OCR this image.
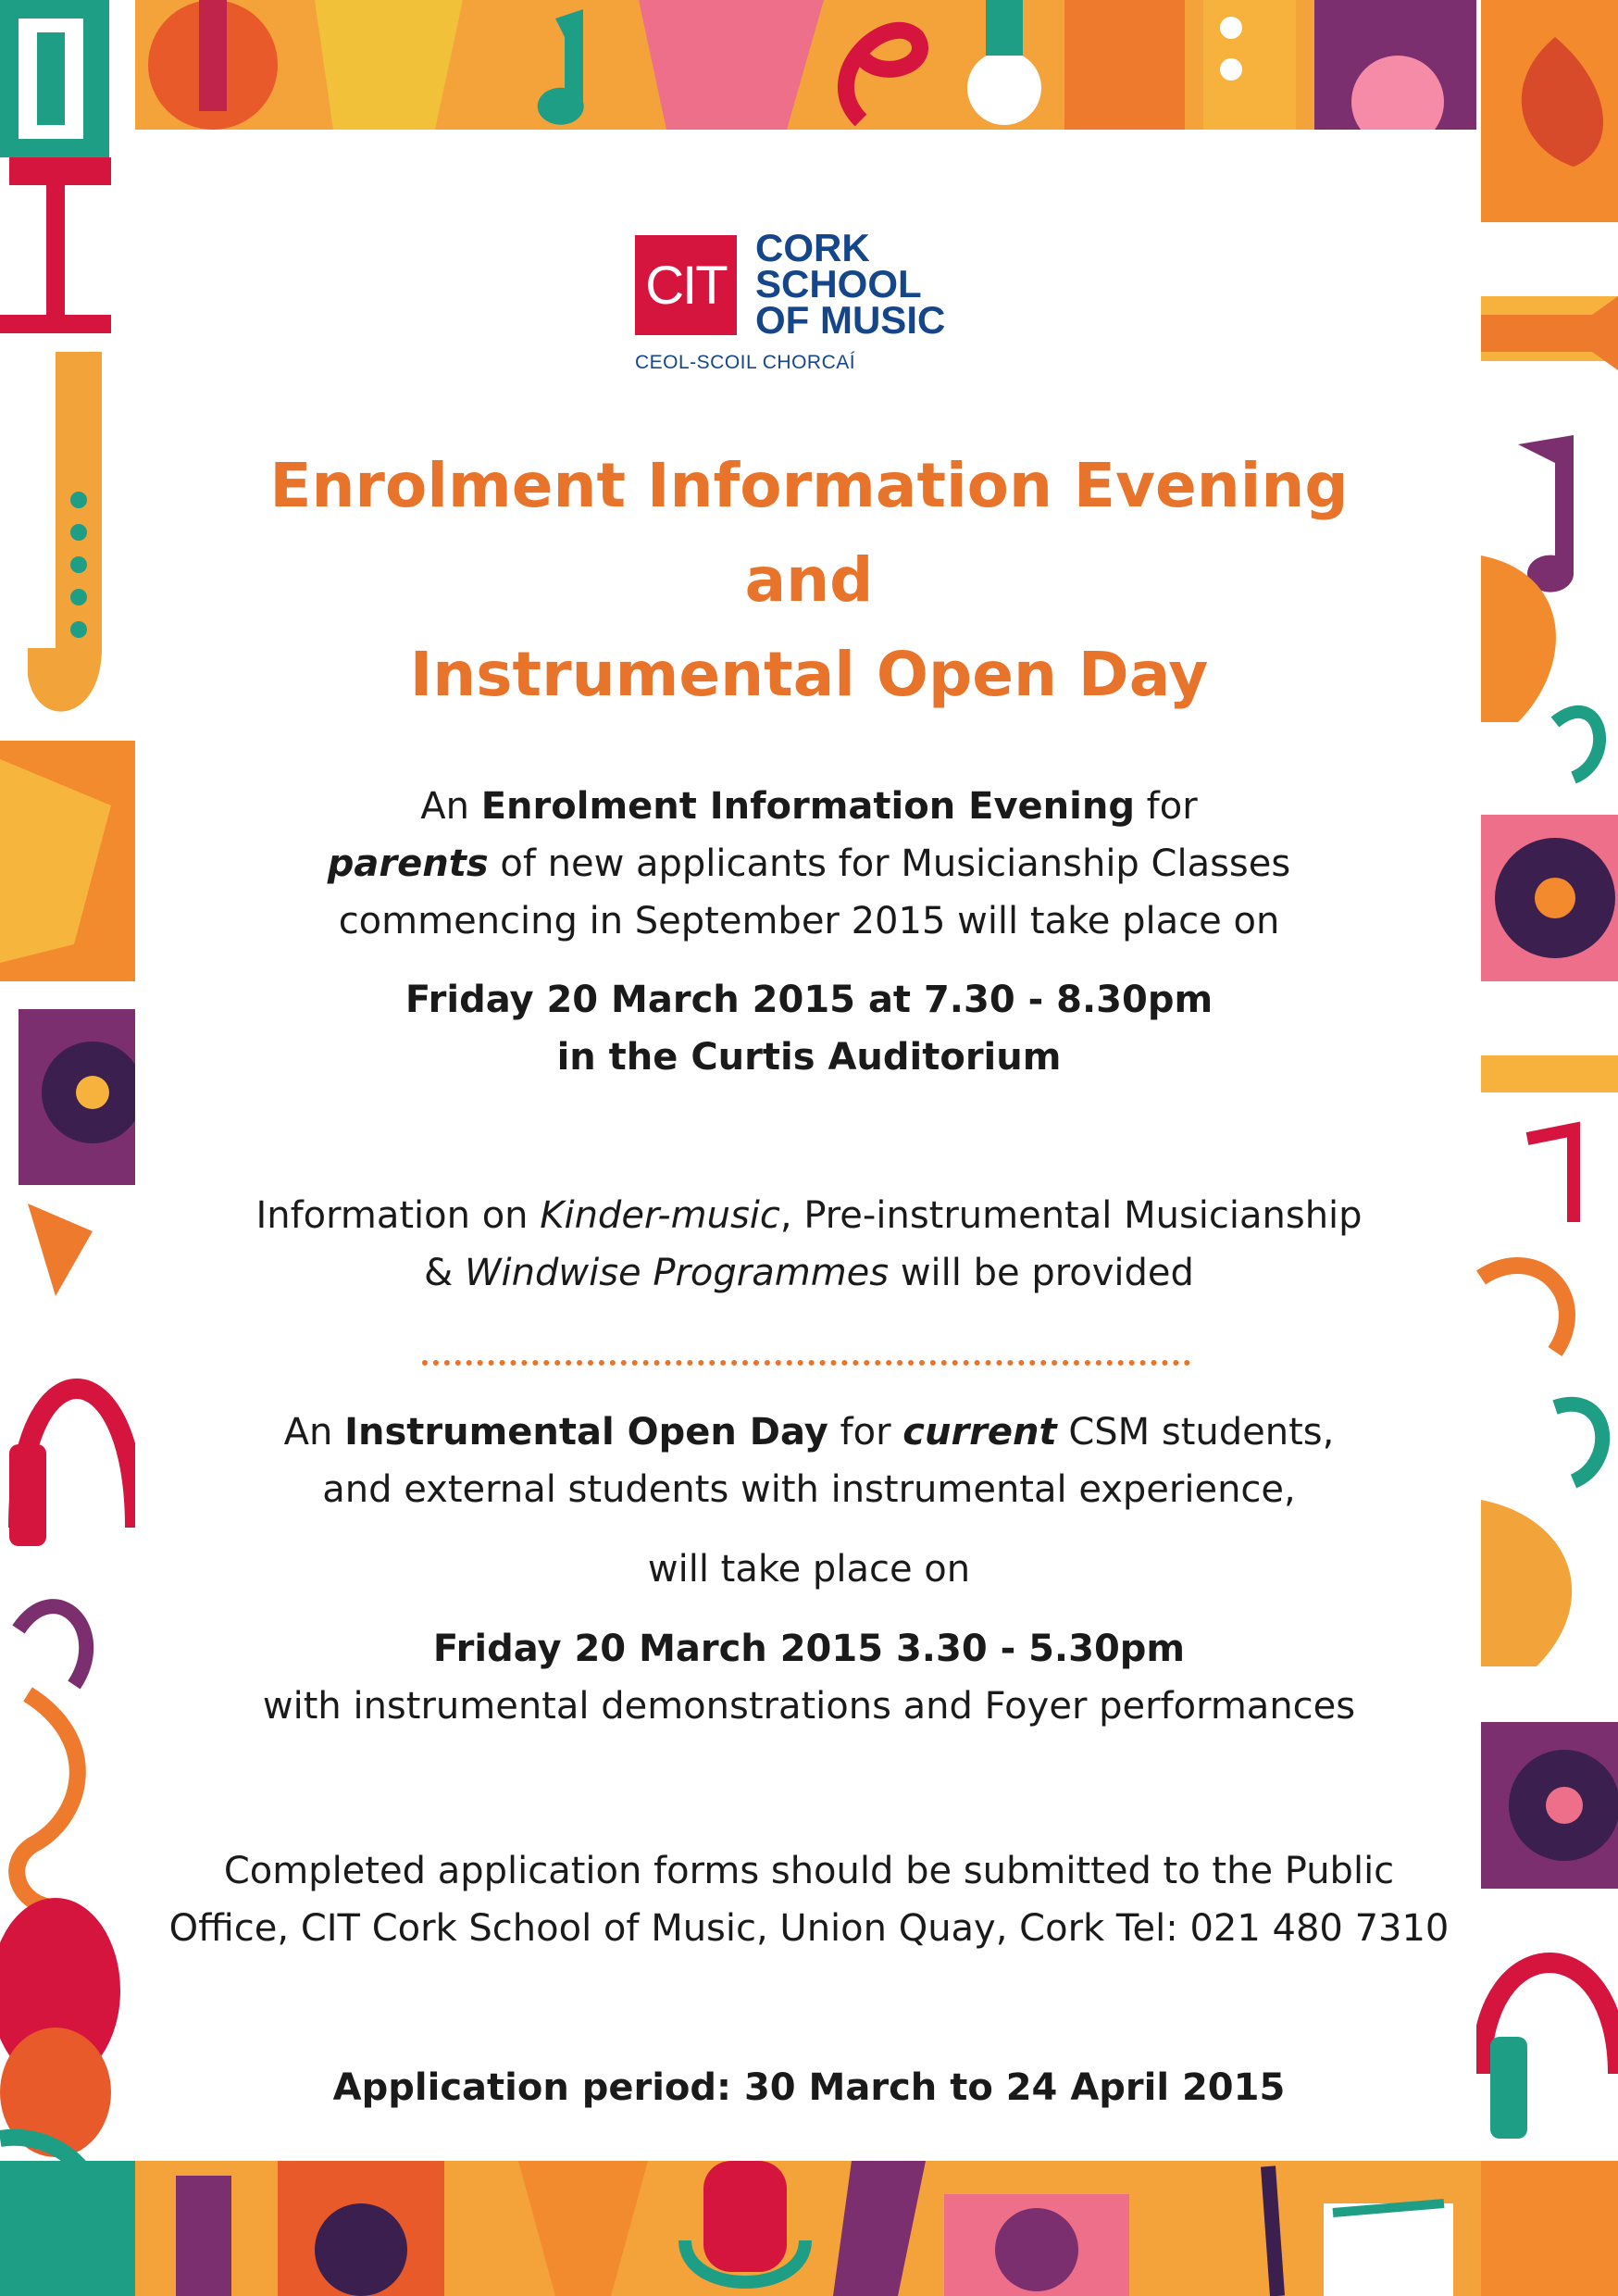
CIT
CORK
SCHOOL
OF MUSIC
CEOL-SCOIL CHORCAÍ
Enrolment Information Evening
and
Instrumental Open Day
An Enrolment Information Evening for
parents of new applicants for Musicianship Classes
commencing in September 2015 will take place on
Friday 20 March 2015 at 7.30 - 8.30pm
in the Curtis Auditorium
Information on Kinder-music, Pre-instrumental Musicianship
& Windwise Programmes will be provided
An Instrumental Open Day for current CSM students,
and external students with instrumental experience,
will take place on
Friday 20 March 2015 3.30 - 5.30pm
with instrumental demonstrations and Foyer performances
Completed application forms should be submitted to the Public
Office, CIT Cork School of Music, Union Quay, Cork Tel: 021 480 7310
Application period: 30 March to 24 April 2015
